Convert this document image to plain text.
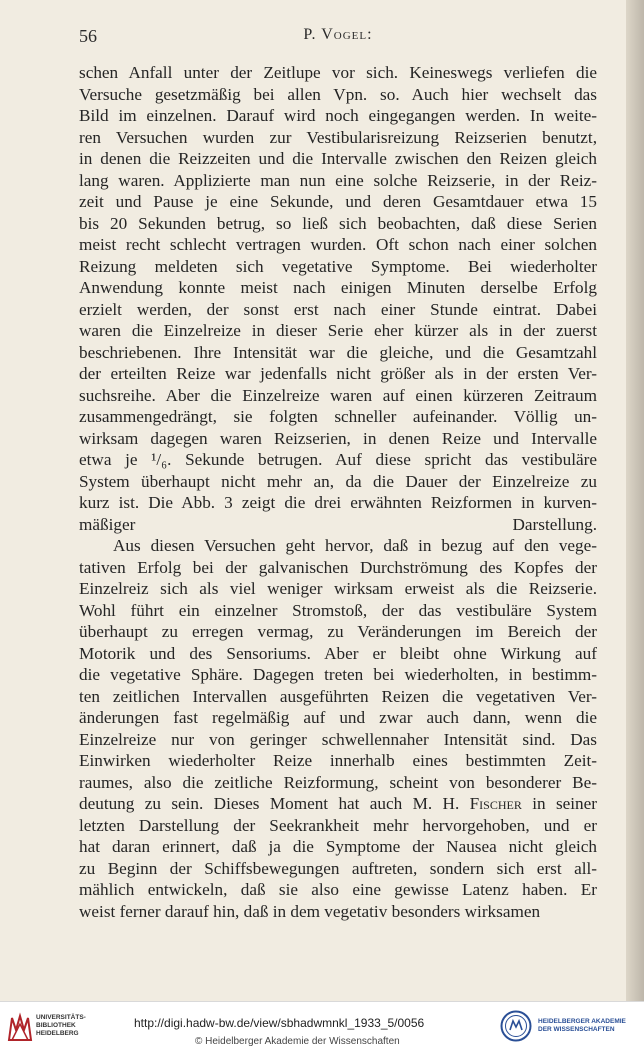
56	P. Vogel:

schen Anfall unter der Zeitlupe vor sich. Keineswegs verliefen die
Versuche gesetzmäßig bei allen Vpn. so. Auch hier wechselt das
Bild im einzelnen. Darauf wird noch eingegangen werden. In weite-
ren Versuchen wurden zur Vestibularisreizung Reizserien benutzt,
in denen die Reizzeiten und die Intervalle zwischen den Reizen gleich
lang waren. Applizierte man nun eine solche Reizserie, in der Reiz-
zeit und Pause je eine Sekunde, und deren Gesamtdauer etwa 15
bis 20 Sekunden betrug, so ließ sich beobachten, daß diese Serien
meist recht schlecht vertragen wurden. Oft schon nach einer solchen
Reizung meldeten sich vegetative Symptome. Bei wiederholter
Anwendung konnte meist nach einigen Minuten derselbe Erfolg
erzielt werden, der sonst erst nach einer Stunde eintrat. Dabei
waren die Einzelreize in dieser Serie eher kürzer als in der zuerst
beschriebenen. Ihre Intensität war die gleiche, und die Gesamtzahl
der erteilten Reize war jedenfalls nicht größer als in der ersten Ver-
suchsreihe. Aber die Einzelreize waren auf einen kürzeren Zeitraum
zusammengedrängt, sie folgten schneller aufeinander. Völlig un-
wirksam dagegen waren Reizserien, in denen Reize und Intervalle
etwa je ¹/₆. Sekunde betrugen. Auf diese spricht das vestibuläre
System überhaupt nicht mehr an, da die Dauer der Einzelreize zu
kurz ist. Die Abb. 3 zeigt die drei erwähnten Reizformen in kurven-
mäßiger Darstellung.

Aus diesen Versuchen geht hervor, daß in bezug auf den vege-
tativen Erfolg bei der galvanischen Durchströmung des Kopfes der
Einzelreiz sich als viel weniger wirksam erweist als die Reizserie.
Wohl führt ein einzelner Stromstoß, der das vestibuläre System
überhaupt zu erregen vermag, zu Veränderungen im Bereich der
Motorik und des Sensoriums. Aber er bleibt ohne Wirkung auf
die vegetative Sphäre. Dagegen treten bei wiederholten, in bestimm-
ten zeitlichen Intervallen ausgeführten Reizen die vegetativen Ver-
änderungen fast regelmäßig auf und zwar auch dann, wenn die
Einzelreize nur von geringer schwellennaher Intensität sind. Das
Einwirken wiederholter Reize innerhalb eines bestimmten Zeit-
raumes, also die zeitliche Reizformung, scheint von besonderer Be-
deutung zu sein. Dieses Moment hat auch M. H. Fischer in seiner
letzten Darstellung der Seekrankheit mehr hervorgehoben, und er
hat daran erinnert, daß ja die Symptome der Nausea nicht gleich
zu Beginn der Schiffsbewegungen auftreten, sondern sich erst all-
mählich entwickeln, daß sie also eine gewisse Latenz haben. Er
weist ferner darauf hin, daß in dem vegetativ besonders wirksamen

UNIVERSITÄTS-
BIBLIOTHEK
HEIDELBERG
http://digi.hadw-bw.de/view/sbhadwmnkl_1933_5/0056
© Heidelberger Akademie der Wissenschaften
HEIDELBERGER AKADEMIE
DER WISSENSCHAFTEN
